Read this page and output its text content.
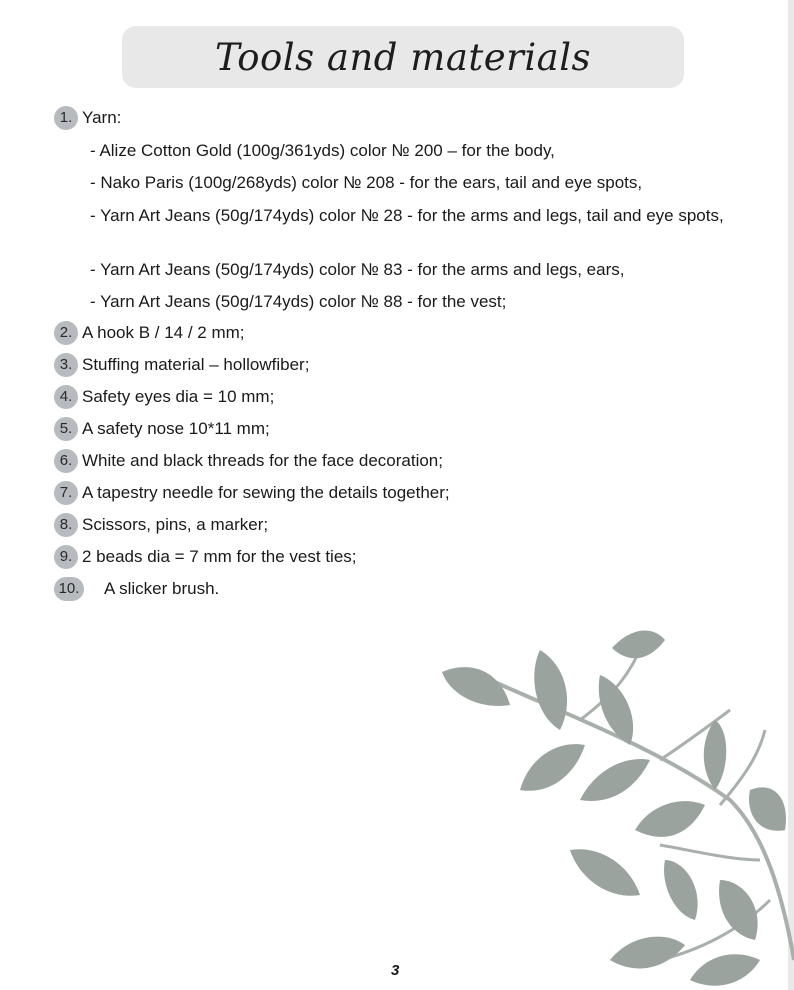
Tools and materials
1. Yarn:
- Alize Cotton Gold (100g/361yds) color № 200 – for the body,
- Nako Paris (100g/268yds) color № 208 - for the ears, tail and eye spots,
- Yarn Art Jeans (50g/174yds) color № 28 - for the arms and legs, tail and eye spots,
- Yarn Art Jeans (50g/174yds) color № 83 - for the arms and legs, ears,
- Yarn Art Jeans (50g/174yds) color № 88 - for the vest;
2. A hook B / 14 / 2 mm;
3. Stuffing material – hollowfiber;
4. Safety eyes dia = 10 mm;
5. A safety nose 10*11 mm;
6. White and black threads for the face decoration;
7. A tapestry needle for sewing the details together;
8. Scissors, pins, a marker;
9. 2 beads dia = 7 mm for the vest ties;
10. A slicker brush.
3
